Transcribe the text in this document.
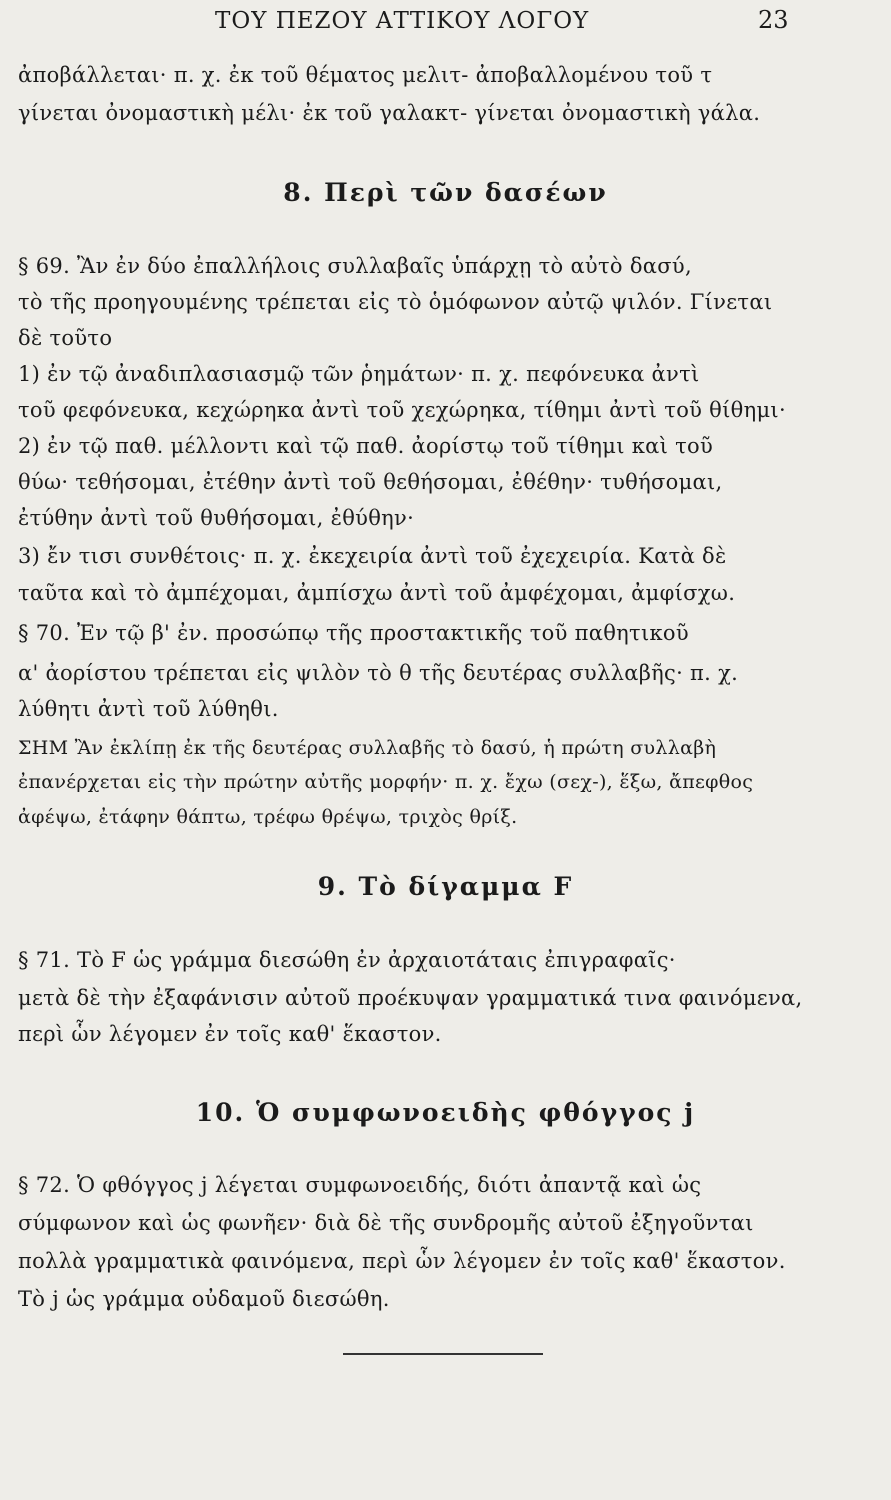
ΤΟΥ ΠΕΖΟΥ ΑΤΤΙΚΟΥ ΛΟΓΟΥ	23
ἀποβάλλεται· π. χ. ἐκ τοῦ θέματος μελιτ- ἀποβαλλομένου τοῦ τ
γίνεται ὀνομαστικὴ μέλι· ἐκ τοῦ γαλακτ- γίνεται ὀνομαστικὴ γάλα.
8. Περὶ τῶν δασέων
§ 69. Ἂν ἐν δύο ἐπαλλήλοις συλλαβαῖς ὑπάρχῃ τὸ αὐτὸ δασύ,
τὸ τῆς προηγουμένης τρέπεται εἰς τὸ ὁμόφωνον αὐτῷ ψιλόν. Γίνεται
δὲ τοῦτο
1) ἐν τῷ ἀναδιπλασιασμῷ τῶν ῥημάτων· π. χ. πεφόνευκα ἀντὶ
τοῦ φεφόνευκα, κεχώρηκα ἀντὶ τοῦ χεχώρηκα, τίθημι ἀντὶ τοῦ θίθημι·
2) ἐν τῷ παθ. μέλλοντι καὶ τῷ παθ. ἀορίστῳ τοῦ τίθημι καὶ τοῦ
θύω· τεθήσομαι, ἐτέθην ἀντὶ τοῦ θεθήσομαι, ἐθέθην· τυθήσομαι,
ἐτύθην ἀντὶ τοῦ θυθήσομαι, ἐθύθην·
3) ἔν τισι συνθέτοις· π. χ. ἐκεχειρία ἀντὶ τοῦ ἐχεχειρία. Κατὰ δὲ
ταῦτα καὶ τὸ ἀμπέχομαι, ἀμπίσχω ἀντὶ τοῦ ἀμφέχομαι, ἀμφίσχω.
§ 70. Ἐν τῷ β' ἐν. προσώπῳ τῆς προστακτικῆς τοῦ παθητικοῦ
α' ἀορίστου τρέπεται εἰς ψιλὸν τὸ θ τῆς δευτέρας συλλαβῆς· π. χ.
λύθητι ἀντὶ τοῦ λύθηθι.
ΣΗΜ Ἂν ἐκλίπῃ ἐκ τῆς δευτέρας συλλαβῆς τὸ δασύ, ἡ πρώτη συλλαβὴ
ἐπανέρχεται εἰς τὴν πρώτην αὐτῆς μορφήν· π. χ. ἔχω (σεχ-), ἕξω, ἄπεφθος
ἀφέψω, ἐτάφην θάπτω, τρέφω θρέψω, τριχὸς θρίξ.
9. Τὸ δίγαμμα F
§ 71. Τὸ F ὡς γράμμα διεσώθη ἐν ἀρχαιοτάταις ἐπιγραφαῖς·
μετὰ δὲ τὴν ἐξαφάνισιν αὐτοῦ προέκυψαν γραμματικά τινα φαινόμενα,
περὶ ὧν λέγομεν ἐν τοῖς καθ' ἕκαστον.
10. Ὁ συμφωνοειδὴς φθόγγος j
§ 72. Ὁ φθόγγος j λέγεται συμφωνοειδής, διότι ἀπαντᾷ καὶ ὡς
σύμφωνον καὶ ὡς φωνῆεν· διὰ δὲ τῆς συνδρομῆς αὐτοῦ ἐξηγοῦνται
πολλὰ γραμματικὰ φαινόμενα, περὶ ὧν λέγομεν ἐν τοῖς καθ' ἕκαστον.
Τὸ j ὡς γράμμα οὐδαμοῦ διεσώθη.
